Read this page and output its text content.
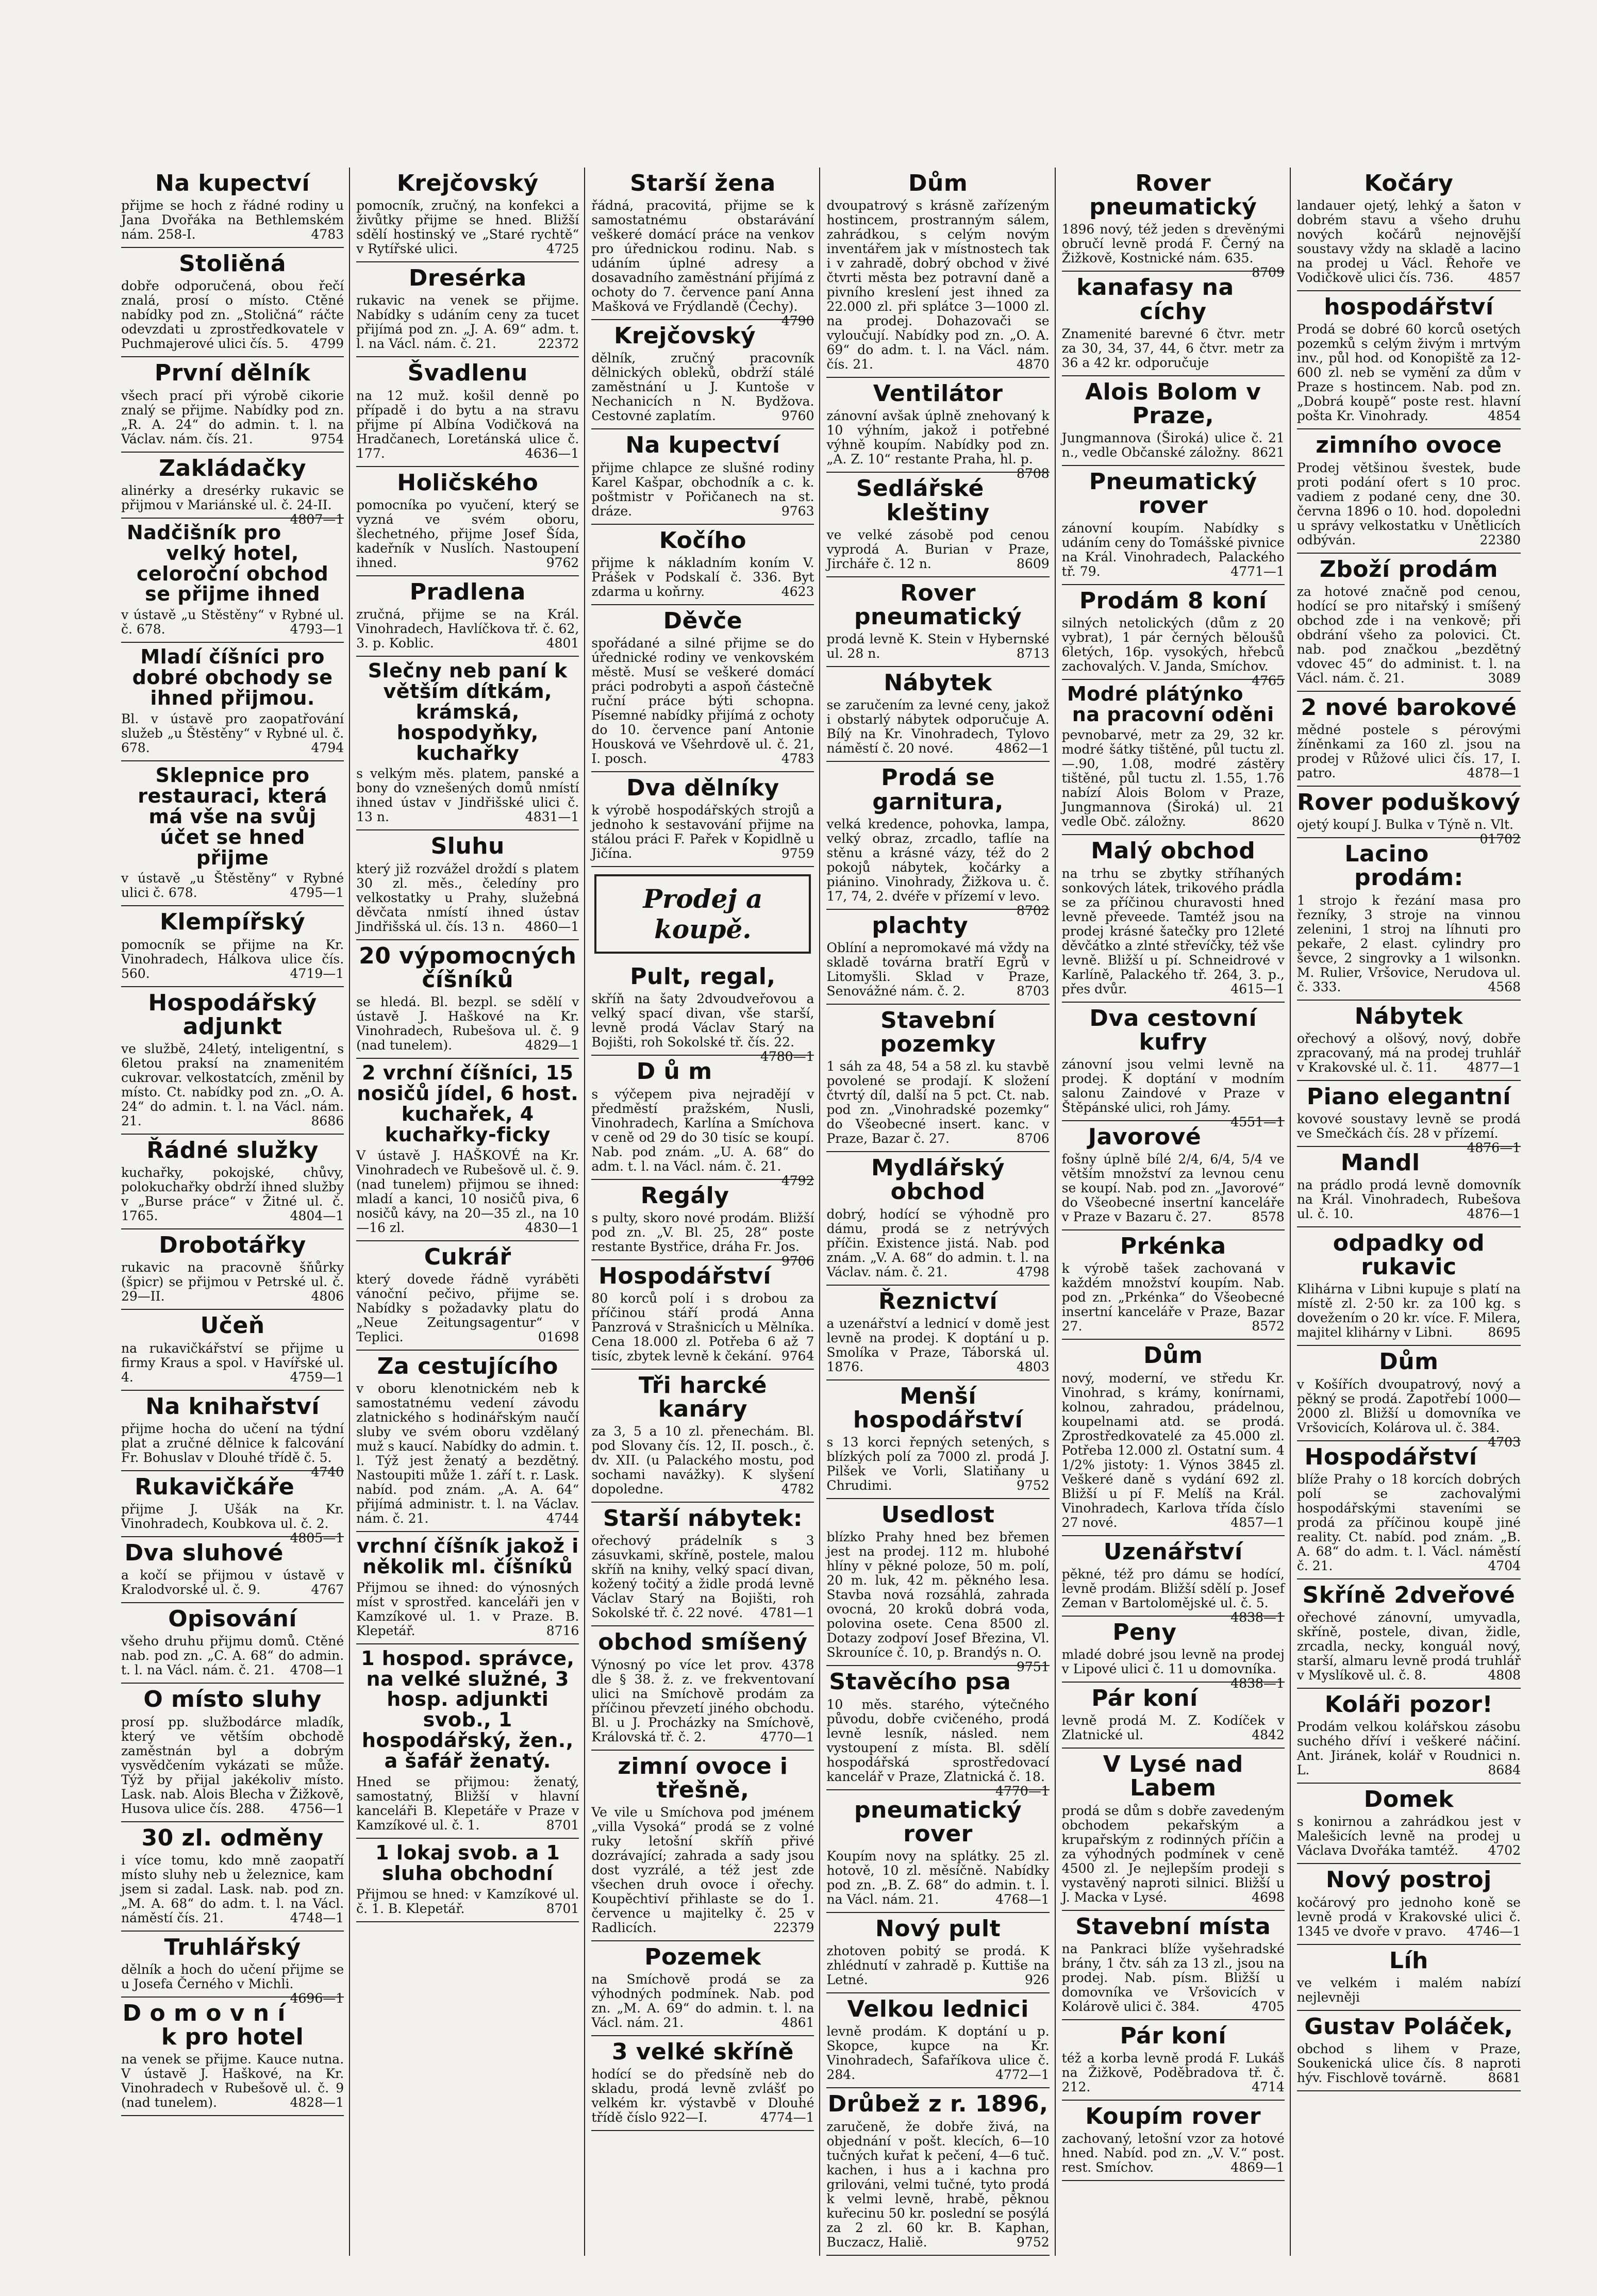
Na kupectví

přijme se hoch z řádné rodiny u Jana Dvořáka na Bethlemském nám. 258-I.	4783

Stoliěná

dobře odporučená, obou řečí znalá, prosí o místo. Ctěné nabídky pod zn. „Stoličná“ ráčte odevzdati u zprostředkovatele v Puchmajerové ulici čís. 5. 4799

První dělník

všech prací při výrobě cikorie znalý se přijme. Nabídky pod zn. „R. A. 24“ do admin. t. l. na Václav. nám. čís. 21.	9754

Zakládačky

alinérky a dresérky rukavic se přijmou v Mariánské ul. č. 24-II.
4807—1

Nadčišník pro velký hotel, celoroční obchod se přijme ihned

v ústavě „u Stěstěny“ v Rybné ul. č. 678.	4793—1

Mladí číšníci pro dobré obchody se ihned přijmou.

Bl. v ústavě pro zaopatřování služeb „u Štěstěny“ v Rybné ul. č. 678.	4794

Sklepnice pro restauraci, která má vše na svůj účet se hned přijme

v ústavě „u Štěstěny“ v Rybné ulici č. 678.	4795—1

Klempířský

pomocník se přijme na Kr. Vinohradech, Hálkova ulice čís. 560.	4719—1

Hospodářský adjunkt

ve službě, 24letý, inteligentní, s 6letou praksí na znamenitém cukrovar. velkostatcích, změnil by místo. Ct. nabídky pod zn. „O. A. 24“ do admin. t. l. na Václ. nám. 21.	8686

Řádné služky

kuchařky, pokojské, chůvy, polokuchařky obdrží ihned služby v „Burse práce“ v Žitné ul. č. 1765.	4804—1

Drobotářky

rukavic na pracovně šňůrky (špicr) se přijmou v Petrské ul. č. 29—II.	4806

Učeň

na rukavičkářství se přijme u firmy Kraus a spol. v Havířské ul. 4.	4759—1

Na knihařství

přijme hocha do učení na týdní plat a zručné dělnice k falcování Fr. Bohuslav v Dlouhé třídě č. 5.
4740

Rukavičkáře

přijme J. Ušák na Kr. Vinohradech, Koubkova ul. č. 2.
4805—1

Dva sluhové

a kočí se přijmou v ústavě v Kralodvorské ul. č. 9.	4767

Opisování

všeho druhu přijmu domů. Ctěné nab. pod zn. „C. A. 68“ do admin. t. l. na Václ. nám. č. 21. 4708—1

O místo sluhy

prosí pp. službodárce mladík, který ve větším obchodě zaměstnán byl a dobrým vysvědčením vykázati se může. Týž by přijal jakékoliv místo. Lask. nab. Alois Blecha v Žižkově, Husova ulice čís. 288. 4756—1

30 zl. odměny

i více tomu, kdo mně zaopatří místo sluhy neb u železnice, kam jsem si zadal. Lask. nab. pod zn. „M. A. 68“ do adm. t. l. na Václ. náměstí čís. 21.	4748—1

Truhlářský

dělník a hoch do učení přijme se u Josefa Černého v Michli.
4696—1

D o m o v n í k pro hotel

na venek se přijme. Kauce nutna. V ústavě J. Haškové, na Kr. Vinohradech v Rubešově ul. č. 9 (nad tunelem).	4828—1

Krejčovský

pomocník, zručný, na konfekci a živůtky přijme se hned. Bližší sdělí hostinský ve „Staré rychtě“ v Rytířské ulici.	4725

Dresérka

rukavic na venek se přijme. Nabídky s udáním ceny za tucet přijímá pod zn. „J. A. 69“ adm. t. l. na Václ. nám. č. 21.	22372

Švadlenu

na 12 muž. košil denně po případě i do bytu a na stravu přijme pí Albína Vodičková na Hradčanech, Loretánská ulice č. 177.	4636—1

Holičského

pomocníka po vyučení, který se vyzná ve svém oboru, šlechetného, přijme Josef Šída, kadeřník v Nuslích. Nastoupení ihned.	9762

Pradlena

zručná, přijme se na Král. Vinohradech, Havlíčkova tř. č. 62, 3. p. Koblic.	4801

Slečny neb paní k větším dítkám, krámská, hospodyňky, kuchařky

s velkým měs. platem, panské a bony do vznešených domů nmístí ihned ústav v Jindřišské ulici č. 13 n.	4831—1

Sluhu

který již rozvážel droždí s platem 30 zl. měs., čeledíny pro velkostatky u Prahy, služebná děvčata nmístí ihned ústav Jindřišská ul. čís. 13 n. 4860—1

20 výpomocných číšníků

se hledá. Bl. bezpl. se sdělí v ústavě J. Haškové na Kr. Vinohradech, Rubešova ul. č. 9 (nad tunelem).	4829—1

2 vrchní číšníci, 15 nosičů jídel, 6 host. kuchařek, 4 kuchařky-ficky

V ústavě J. HAŠKOVÉ na Kr. Vinohradech ve Rubešově ul. č. 9. (nad tunelem) přijmou se ihned: mladí a kanci, 10 nosičů piva, 6 nosičů kávy, na 20—35 zl., na 10—16 zl.	4830—1

Cukrář

který dovede řádně vyráběti vánoční pečivo, přijme se. Nabídky s požadavky platu do „Neue Zeitungsagentur“ v Teplici.	01698

Za cestujícího

v oboru klenotnickém neb k samostatnému vedení závodu zlatnického s hodinářským naučí sluby ve svém oboru vzdělaný muž s kaucí. Nabídky do admin. t. l. Týž jest ženatý a bezdětný. Nastoupiti může 1. září t. r. Lask. nabíd. pod znám. „A. A. 64“ přijímá administr. t. l. na Václav. nám. č. 21.	4744

vrchní číšník jakož i několik ml. číšníků

Přijmou se ihned: do výnosných míst v sprostřed. kanceláři jen v Kamzíkové ul. 1. v Praze. B. Klepetář.	8716

1 hospod. správce, na velké služné, 3 hosp. adjunkti svob., 1 hospodářský, žen., a šafář ženatý.

Hned se přijmou: ženatý, samostatný, Bližší v hlavní kanceláři B. Klepetáře v Praze v Kamzíkové ul. č. 1.	8701

1 lokaj svob. a 1 sluha obchodní

Přijmou se hned: v Kamzíkové ul. č. 1. B. Klepetář.	8701

Starší žena

řádná, pracovitá, přijme se k samostatnému obstarávání veškeré domácí práce na venkov pro úřednickou rodinu. Nab. s udáním úplné adresy a dosavadního zaměstnání přijímá z ochoty do 7. července paní Anna Mašková ve Frýdlandě (Čechy).
4790

Krejčovský

dělník, zručný pracovník dělnických obleků, obdrží stálé zaměstnání u J. Kuntoše v Nechanicích n N. Bydžova. Cestovné zaplatím.	9760

Na kupectví

přijme chlapce ze slušné rodiny Karel Kašpar, obchodník a c. k. poštmistr v Pořičanech na st. dráze.	9763

Kočího

přijme k nákladním koním V. Prášek v Podskalí č. 336. Byt zdarma u koňrny.	4623

Děvče

spořádané a silné přijme se do úřednické rodiny ve venkovském městě. Musí se veškeré domácí práci podrobyti a aspoň částečně ruční práce býti schopna. Písemné nabídky přijímá z ochoty do 10. července paní Antonie Housková ve Všehrdově ul. č. 21, I. posch.	4783

Dva dělníky

k výrobě hospodářských strojů a jednoho k sestavování přijme na stálou práci F. Pařek v Kopidlně u Jičína.	9759

Prodej a koupě.
Pult, regal,

skříň na šaty 2dvoudveřovou a velký spací divan, vše starší, levně prodá Václav Starý na Bojišti, roh Sokolské tř. čís. 22.
4780—1

D ů m

s výčepem piva nejradějí v předměstí pražském, Nusli, Vinohradech, Karlína a Smíchova v ceně od 29 do 30 tisíc se koupí. Nab. pod znám. „U. A. 68“ do adm. t. l. na Václ. nám. č. 21.
4792

Regály

s pulty, skoro nové prodám. Bližší pod zn. „V. Bl. 25, 28“ poste restante Bystřice, dráha Fr. Jos.
9706

Hospodářství

80 korců polí i s drobou za příčinou stáří prodá Anna Panzrová v Strašnicích u Mělníka. Cena 18.000 zl. Potřeba 6 až 7 tisíc, zbytek levně k čekání. 9764

Tři harcké kanáry

za 3, 5 a 10 zl. přenechám. Bl. pod Slovany čís. 12, II. posch., č. dv. XII. (u Palackého mostu, pod sochami navážky). K slyšení dopoledne.	4782

Starší nábytek:

ořechový prádelník s 3 zásuvkami, skříně, postele, malou skříň na knihy, velký spací divan, kožený točitý a židle prodá levně Václav Starý na Bojišti, roh Sokolské tř. č. 22 nové. 4781—1

obchod smíšený

Výnosný po více let prov. 4378 dle § 38. ž. z. ve frekventovaní ulici na Smíchově prodám za příčinou převzetí jiného obchodu. Bl. u J. Procházky na Smíchově, Královská tř. č. 2.	4770—1

zimní ovoce i třešně,

Ve vile u Smíchova pod jménem „villa Vysoká“ prodá se z volné ruky letošní skříň přivé dozrávající; zahrada a sady jsou dost vyzrálé, a též jest zde všechen druh ovoce i ořechy. Koupěchtiví přihlaste se do 1. července u majitelky č. 25 v Radlicích.	22379

Pozemek

na Smíchově prodá se za výhodných podmínek. Nab. pod zn. „M. A. 69“ do admin. t. l. na Václ. nám. 21.	4861

3 velké skříně

hodící se do předsíně neb do skladu, prodá levně zvlášť po velkém kr. výstavbě v Dlouhé třídě číslo 922—I.	4774—1

Dům

dvoupatrový s krásně zařízeným hostincem, prostranným sálem, zahrádkou, s celým novým inventářem jak v místnostech tak i v zahradě, dobrý obchod v živé čtvrti města bez potravní daně a pivního kreslení jest ihned za 22.000 zl. při splátce 3—1000 zl. na prodej. Dohazovači se vyloučují. Nabídky pod zn. „O. A. 69“ do adm. t. l. na Václ. nám. čís. 21.	4870

Ventilátor

zánovní avšak úplně znehovaný k 10 výhním, jakož i potřebné výhně koupím. Nabídky pod zn. „A. Z. 10“ restante Praha, hl. p.
8708

Sedlářské kleštiny

ve velké zásobě pod cenou vyprodá A. Burian v Praze, Jircháře č. 12 n.	8609

Rover pneumatický

prodá levně K. Stein v Hybernské ul. 28 n.	8713

Nábytek

se zaručením za levné ceny, jakož i obstarlý nábytek odporučuje A. Bílý na Kr. Vinohradech, Tylovo náměstí č. 20 nové.	4862—1

Prodá se garnitura,

velká kredence, pohovka, lampa, velký obraz, zrcadlo, taflíe na stěnu a krásné vázy, též do 2 pokojů nábytek, kočárky a piánino. Vinohrady, Žižkova u. č. 17, 74, 2. dvéře v přízemí v levo.
8702

plachty

Oblíní a nepromokavé má vždy na skladě továrna bratří Egrů v Litomyšli. Sklad v Praze, Senovážné nám. č. 2.	8703

Stavební pozemky

1 sáh za 48, 54 a 58 zl. ku stavbě povolené se prodají. K složení čtvrtý díl, další na 5 pct. Ct. nab. pod zn. „Vinohradské pozemky“ do Všeobecné insert. kanc. v Praze, Bazar č. 27.	8706

Mydlářský obchod

dobrý, hodící se výhodně pro dámu, prodá se z netrývých příčin. Existence jistá. Nab. pod znám. „V. A. 68“ do admin. t. l. na Václav. nám. č. 21.	4798

Řeznictví

a uzenářství a lednicí v domě jest levně na prodej. K doptání u p. Smolíka v Praze, Táborská ul. 1876.	4803

Menší hospodářství

s 13 korci řepných setených, s blízkých polí za 7000 zl. prodá J. Pilšek ve Vorli, Slatiňany u Chrudimi.	9752

Usedlost

blízko Prahy hned bez břemen jest na prodej. 112 m. hlubohé hlíny v pěkné poloze, 50 m. polí, 20 m. luk, 42 m. pěkného lesa. Stavba nová rozsáhlá, zahrada ovocná, 20 kroků dobrá voda, polovina osete. Cena 8500 zl. Dotazy zodpoví Josef Březina, Vl. Skrouníce č. 10, p. Brandýs n. O.
9751

Stavěcího psa

10 měs. starého, výtečného původu, dobře cvičeného, prodá levně lesník, násled. nem vystoupení z místa. Bl. sdělí hospodářská sprostředovací kancelář v Praze, Zlatnická č. 18.
4770—1

pneumatický rover

Koupím novy na splátky. 25 zl. hotově, 10 zl. měsíčně. Nabídky pod zn. „B. Z. 68“ do admin. t. l. na Václ. nám. 21.	4768—1

Nový pult

zhotoven pobitý se prodá. K zhlédnutí v zahradě p. Kuttiše na Letné.	926

Velkou lednici

levně prodám. K doptání u p. Skopce, kupce na Kr. Vinohradech, Šafaříkova ulice č. 284.	4772—1

Drůbež z r. 1896,

zaručeně, že dobře živá, na objednání v pošt. klecích, 6—10 tučných kuřat k pečení, 4—6 tuč. kachen, i hus a i kachna pro grilováni, velmi tučné, tyto prodá k velmi levně, hrabě, pěknou kuřecinu 50 kr. poslední se posýlá za 2 zl. 60 kr. B. Kaphan, Buczacz, Haliě.	9752

Rover pneumatický

1896 nový, též jeden s drevěnými obručí levně prodá F. Černý na Žižkově, Kostnické nám. 635.
8709

kanafasy na cíchy

Znamenité barevné 6 čtvr. metr za 30, 34, 37, 44, 6 čtvr. metr za 36 a 42 kr. odporučuje

Alois Bolom v Praze,

Jungmannova (Široká) ulice č. 21 n., vedle Občanské záložny. 8621

Pneumatický rover

zánovní koupím. Nabídky s udáním ceny do Tomášské pivnice na Král. Vinohradech, Palackého tř. 79.	4771—1

Prodám 8 koní

silných netolických (dům z 20 vybrat), 1 pár černých běloušů 6letých, 16p. vysokých, hřebců zachovalých. V. Janda, Smíchov.
4765

Modré plátýnko na pracovní oděni

pevnobarvé, metr za 29, 32 kr. modré šátky tištěné, půl tuctu zl. —.90, 1.08, modré zástěry tištěné, půl tuctu zl. 1.55, 1.76 nabízí Alois Bolom v Praze, Jungmannova (Široká) ul. 21 vedle Obč. záložny.	8620

Malý obchod

na trhu se zbytky stříhaných sonkových látek, trikového prádla se za příčinou churavosti hned levně převeede. Tamtéž jsou na prodej krásné šatečky pro 12leté děvčátko a zlnté střevíčky, též vše levně. Bližší u pí. Schneidrové v Karlíně, Palackého tř. 264, 3. p., přes dvůr.	4615—1

Dva cestovní kufry

zánovní jsou velmi levně na prodej. K doptání v modním salonu Zaindové v Praze v Štěpánské ulici, roh Jámy.
4551—1

Javorové

fošny úplně bílé 2/4, 6/4, 5/4 ve větším množství za levnou cenu se koupí. Nab. pod zn. „Javorové“ do Všeobecné insertní kanceláře v Praze v Bazaru č. 27.	8578

Prkénka

k výrobě tašek zachovaná v každém množství koupím. Nab. pod zn. „Prkénka“ do Všeobecné insertní kanceláře v Praze, Bazar 27.	8572

Dům

nový, moderní, ve středu Kr. Vinohrad, s krámy, konírnami, kolnou, zahradou, prádelnou, koupelnami atd. se prodá. Zprostředkovatelé za 45.000 zl. Potřeba 12.000 zl. Ostatní sum. 4 1/2% jistoty: 1. Výnos 3845 zl. Veškeré daně s vydání 692 zl. Bližší u pí F. Melíš na Král. Vinohradech, Karlova třída číslo 27 nové.	4857—1

Uzenářství

pěkné, též pro dámu se hodící, levně prodám. Bližší sdělí p. Josef Zeman v Bartolomějské ul. č. 5.
4838—1

Peny

mladé dobré jsou levně na prodej v Lipové ulici č. 11 u domovníka.
4838—1

Pár koní

levně prodá M. Z. Kodíček v Zlatnické ul.	4842

V Lysé nad Labem

prodá se dům s dobře zavedeným obchodem pekařským a krupařským z rodinných příčin a za výhodných podmínek v ceně 4500 zl. Je nejlepším prodeji s vystavěný naproti silnici. Bližší u J. Macka v Lysé.	4698

Stavební místa

na Pankraci blíže vyšehradské brány, 1 čtv. sáh za 13 zl., jsou na prodej. Nab. písm. Bližší u domovníka ve Vršovicích v Kolárově ulici č. 384.	4705

Pár koní

též a korba levně prodá F. Lukáš na Žižkově, Poděbradova tř. č. 212.	4714

Koupím rover

zachovaný, letošní vzor za hotové hned. Nabíd. pod zn. „V. V.“ post. rest. Smíchov.	4869—1

Kočáry

landauer ojetý, lehký a šaton v dobrém stavu a všeho druhu nových kočárů nejnovější soustavy vždy na skladě a lacino na prodej u Václ. Řehoře ve Vodičkově ulici čís. 736.	4857

hospodářství

Prodá se dobré 60 korců osetých pozemků s celým živým i mrtvým inv., půl hod. od Konopiště za 12-600 zl. neb se vymění za dům v Praze s hostincem. Nab. pod zn. „Dobrá koupě“ poste rest. hlavní pošta Kr. Vinohrady.	4854

zimního ovoce

Prodej většinou švestek, bude proti podání ofert s 10 proc. vadiem z podané ceny, dne 30. června 1896 o 10. hod. dopoledni u správy velkostatku v Unětlicích odbýván.	22380

Zboží prodám

za hotové značně pod cenou, hodící se pro nitařský i smíšený obchod zde i na venkově; při obdrání všeho za polovici. Ct. nab. pod značkou „bezdětný vdovec 45“ do administ. t. l. na Václ. nám. č. 21.	3089

2 nové barokové

mědné postele s pérovými žíněnkami za 160 zl. jsou na prodej v Růžové ulici čís. 17, I. patro.	4878—1

Rover poduškový

ojetý koupí J. Bulka v Týně n. Vlt.
01702

Lacino prodám:

1 strojo k řezání masa pro řezníky, 3 stroje na vinnou zelenini, 1 stroj na líhnuti pro pekaře, 2 elast. cylindry pro ševce, 2 singrovky a 1 wilsonkn. M. Rulier, Vršovice, Nerudova ul. č. 333.	4568

Nábytek

ořechový a olšový, nový, dobře zpracovaný, má na prodej truhlář v Krakovské ul. č. 11. 4877—1

Piano elegantní

kovové soustavy levně se prodá ve Smečkách čís. 28 v přízemí.
4876—1

Mandl

na prádlo prodá levně domovník na Král. Vinohradech, Rubešova ul. č. 10.	4876—1

odpadky od rukavic

Klihárna v Libni kupuje s platí na místě zl. 2·50 kr. za 100 kg. s dovežením o 20 kr. více. F. Milera, majitel klihárny v Libni.	8695

Dům

v Košířích dvoupatrový, nový a pěkný se prodá. Zapotřebí 1000—2000 zl. Bližší u domovníka ve Vršovicích, Kolárova ul. č. 384.
4703

Hospodářství

blíže Prahy o 18 korcích dobrých polí se zachovalými hospodářskými staveními se prodá za příčinou koupě jiné reality. Ct. nabíd. pod znám. „B. A. 68“ do adm. t. l. Václ. náměstí č. 21.	4704

Skříně 2dveřové

ořechové zánovní, umyvadla, skříně, postele, divan, židle, zrcadla, necky, konguál nový, starší, almaru levně prodá truhlář v Myslíkově ul. č. 8.	4808

Koláři pozor!

Prodám velkou kolářskou zásobu suchého dříví i veškeré náčiní. Ant. Jiránek, kolář v Roudnici n. L.	8684

Domek

s konirnou a zahrádkou jest v Malešicích levně na prodej u Václava Dvořáka tamtéž. 4702

Nový postroj

kočárový pro jednoho koně se levně prodá v Krakovské ulici č. 1345 ve dvoře v pravo. 4746—1

Líh

ve velkém i malém nabízí nejlevněji

Gustav Poláček,

obchod s lihem v Praze, Soukenická ulice čís. 8 naproti hýv. Fischlově továrně.	8681
